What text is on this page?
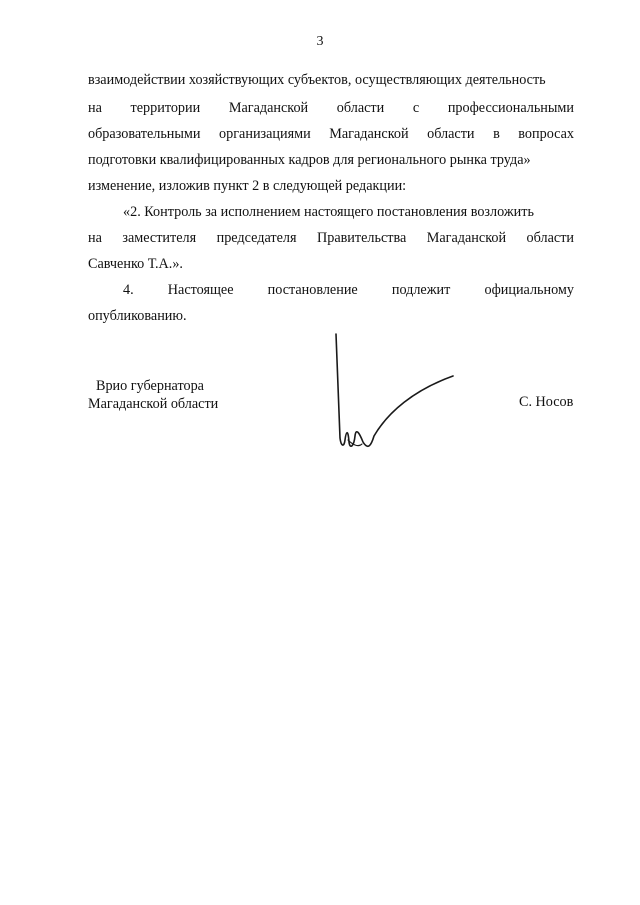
3
взаимодействии хозяйствующих субъектов, осуществляющих деятельность
на территории Магаданской области с профессиональными
образовательными организациями Магаданской области в вопросах
подготовки квалифицированных кадров для регионального рынка труда»
изменение, изложив пункт 2 в следующей редакции:
«2. Контроль за исполнением настоящего постановления возложить
на заместителя председателя Правительства Магаданской области
Савченко Т.А.».
4. Настоящее постановление подлежит официальному
опубликованию.
Врио губернатора
Магаданской области	С. Носов
